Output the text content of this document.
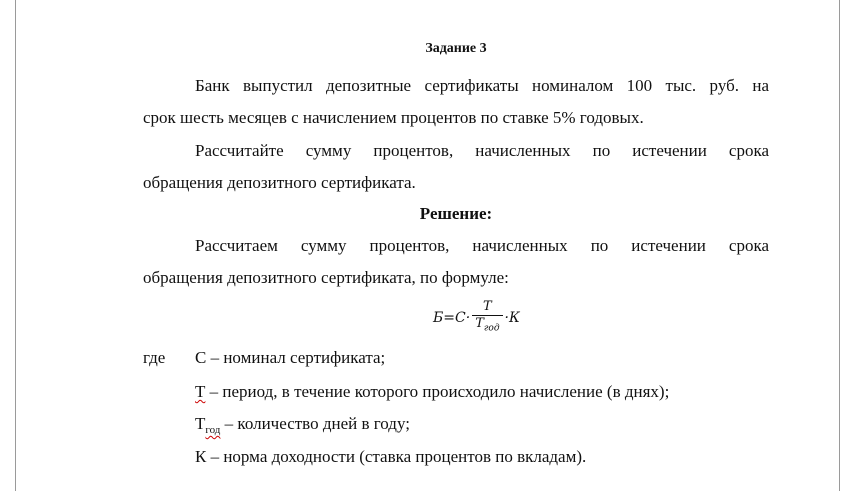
Задание 3
Банк выпустил депозитные сертификаты номиналом 100 тыс. руб. на
срок шесть месяцев с начислением процентов по ставке 5% годовых.
Рассчитайте сумму процентов, начисленных по истечении срока
обращения депозитного сертификата.
Решение:
Рассчитаем сумму процентов, начисленных по истечении срока
обращения депозитного сертификата, по формуле:
$Б=С\cdot \frac{T}{T_{год}} \cdot К$
где С – номинал сертификата;
Т – период, в течение которого происходило начисление (в днях);
$Т_{год}$ – количество дней в году;
К – норма доходности (ставка процентов по вкладам).
